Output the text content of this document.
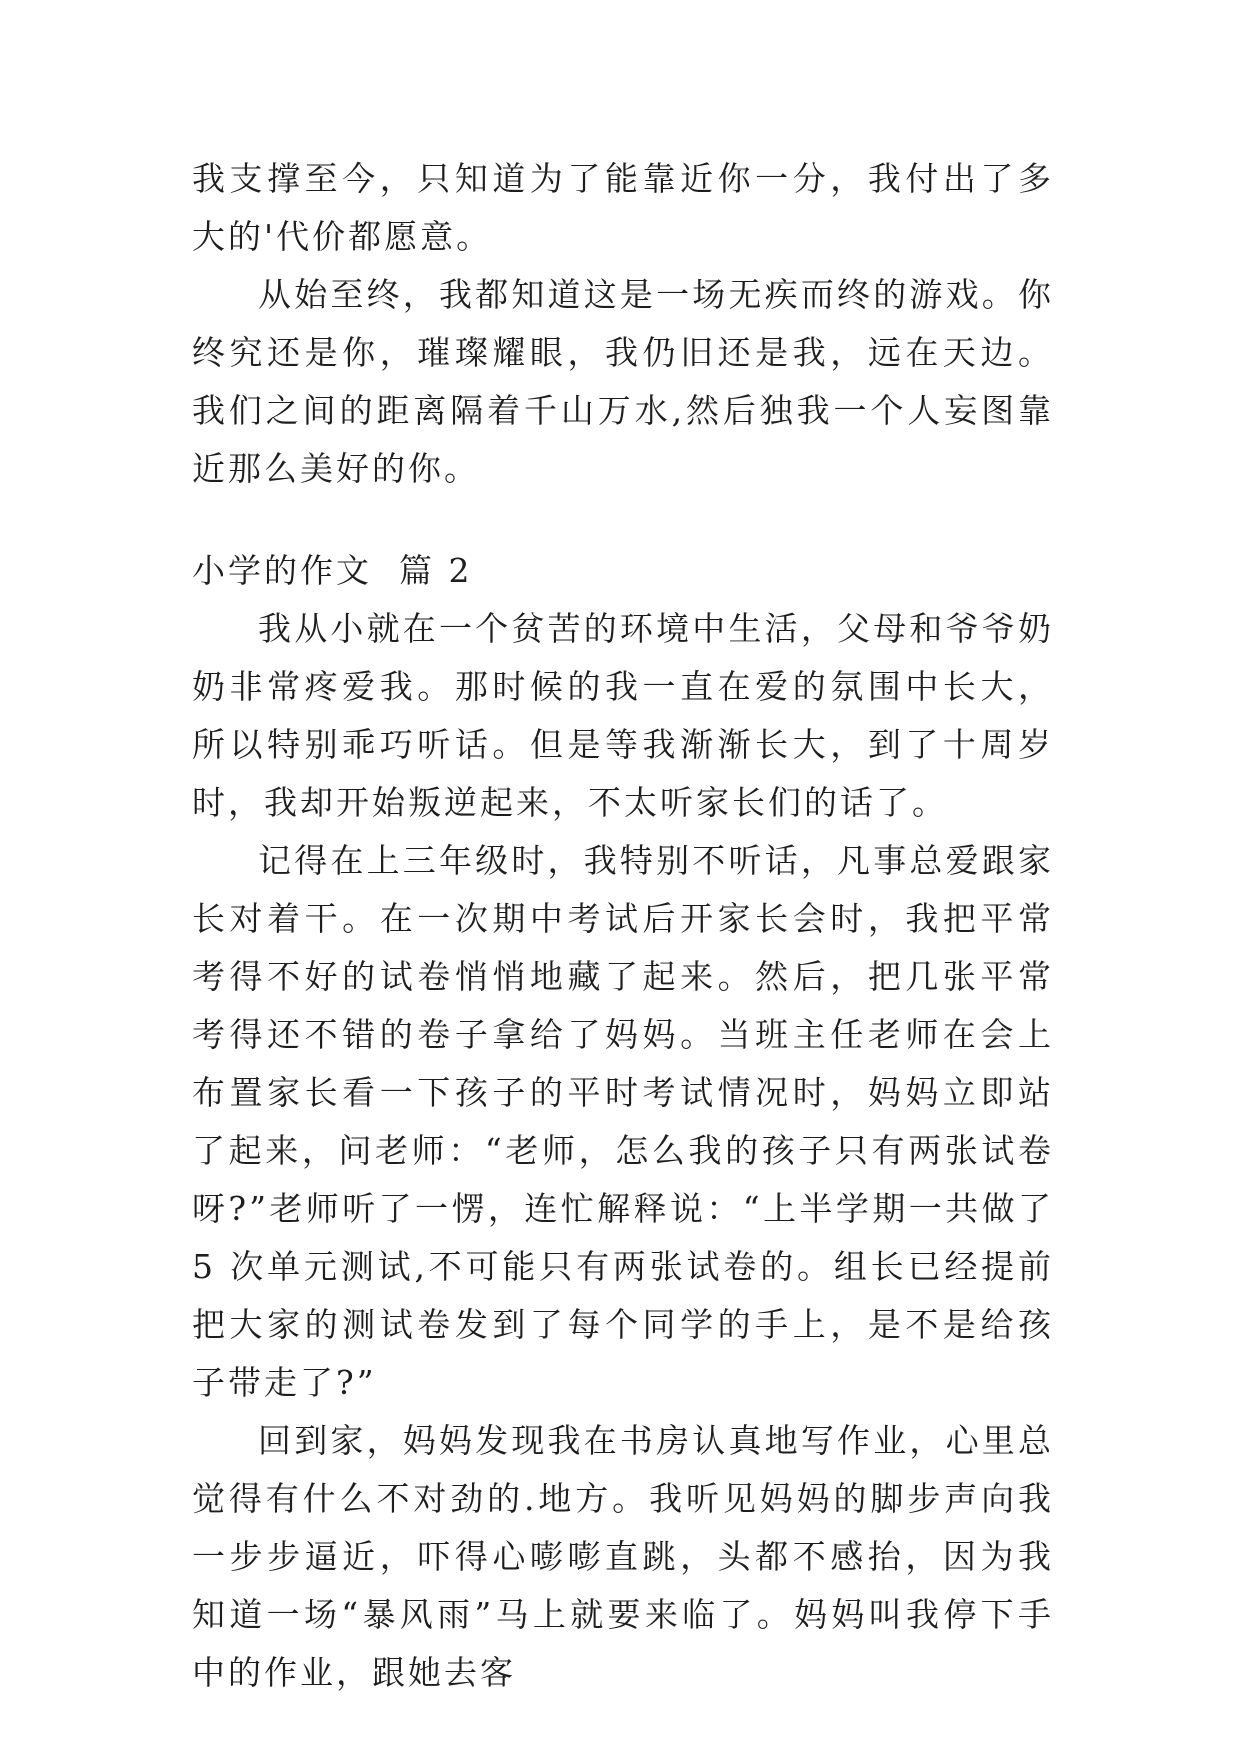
我支撑至今，只知道为了能靠近你一分，我付出了多大的'代价都愿意。

从始至终，我都知道这是一场无疾而终的游戏。你终究还是你，璀璨耀眼，我仍旧还是我，远在天边。我们之间的距离隔着千山万水,然后独我一个人妄图靠近那么美好的你。

小学的作文  篇 2

我从小就在一个贫苦的环境中生活，父母和爷爷奶奶非常疼爱我。那时候的我一直在爱的氛围中长大，所以特别乖巧听话。但是等我渐渐长大，到了十周岁时，我却开始叛逆起来，不太听家长们的话了。

记得在上三年级时，我特别不听话，凡事总爱跟家长对着干。在一次期中考试后开家长会时，我把平常考得不好的试卷悄悄地藏了起来。然后，把几张平常考得还不错的卷子拿给了妈妈。当班主任老师在会上布置家长看一下孩子的平时考试情况时，妈妈立即站了起来，问老师：“老师，怎么我的孩子只有两张试卷呀?”老师听了一愣，连忙解释说：“上半学期一共做了 5 次单元测试,不可能只有两张试卷的。组长已经提前把大家的测试卷发到了每个同学的手上，是不是给孩子带走了?”

回到家，妈妈发现我在书房认真地写作业，心里总觉得有什么不对劲的.地方。我听见妈妈的脚步声向我一步步逼近，吓得心嘭嘭直跳，头都不感抬，因为我知道一场“暴风雨”马上就要来临了。妈妈叫我停下手中的作业，跟她去客
